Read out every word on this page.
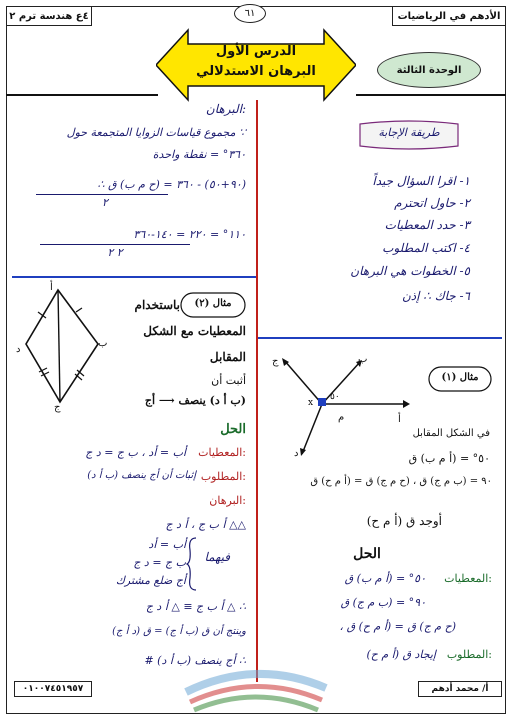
٤ع هندسة ترم ٢	٦١	الأدهم في الرياضيات
الدرس الأول
البرهان الاستدلالي	الوحدة الثالثة
طريقة الإجابة
١- اقرا السؤال جيداً
٢- حاول اتحترم
٣- حدد المعطيات
٤- اكتب المطلوب
٥- الخطوات هي البرهان
٦- جاك ∴ إذن
:البرهان
∵ مجموع قياسات الزوايا المتجمعة حول
٣٦٠° = نقطة واحدة
(٩٠+٥٠) - ٣٦٠ = (ح م ب) ق ∴
٢
١١٠° = ٢٢٠ = ١٤٠-٣٦٠
٢ ٢
أ
ب
ج
د
مثال (٢)
باستخدام
المعطيات مع الشكل
المقابل
أثبت أن
(ب أ د) ينصف ⟶ أج
الحل
:المعطيات
أب = أد ، ب ج = د ج
:المطلوب
إثبات أن أج ينصف (ب أ د)
:البرهان
△△ أ ب ج ، أ د ج
أب = أد
ب ج = د ج
أج ضلع مشترك
فيهما
∴ △ أ ب ج ≡ △ أ د ج
وينتج أن ق (ب أ ج) = ق (د أ ج)
∴ أج ينصف (ب أ د) #
x
٥٠
م	أ
ب
ج
د
مثال (١)
في الشكل المقابل
٥٠° = (أ م ب) ق
٩٠ = (ب م ج) ق ، (ح م ج) ق = (أ م ح) ق
أوجد ق (أ م ح)
الحل
:المعطيات
٥٠° = (أ م ب) ق
٩٠° = (ب م ج) ق
(ح م ج) ق = (أ م ح) ق ،
:المطلوب
إيجاد ق (أ م ح)
٠١٠٠٧٤٥١٩٥٧	أ/ محمد أدهم
